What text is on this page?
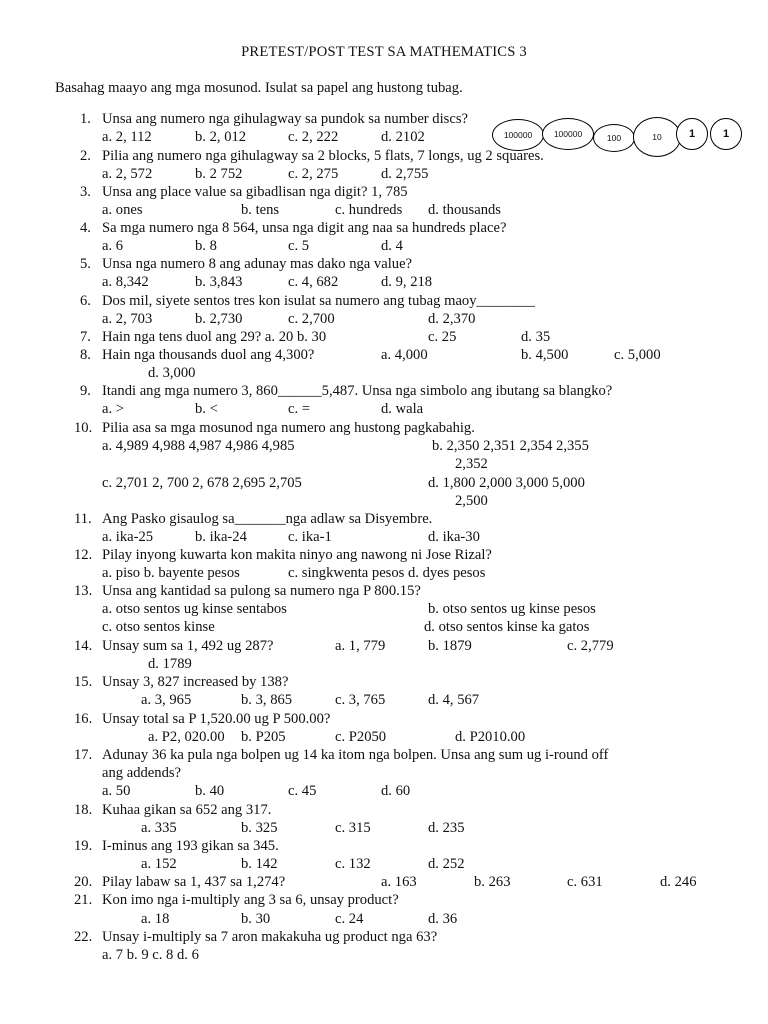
PRETEST/POST TEST SA MATHEMATICS 3
Basahag maayo ang mga mosunod. Isulat sa papel ang hustong tubag.
100000	100000	100	10	1	1
1. Unsa ang numero nga gihulagway sa pundok sa number discs?
a. 2, 112	b. 2, 012	c. 2, 222	d. 2102
2. Pilia ang numero nga gihulagway sa 2 blocks, 5 flats, 7 longs, ug 2 squares.
a. 2, 572	b. 2 752	c. 2, 275	d. 2,755
3. Unsa ang place value sa gibadlisan nga digit? 1, 785
a. ones	b. tens	c. hundreds d. thousands
4. Sa mga numero nga 8 564, unsa nga digit ang naa sa hundreds place?
a. 6	b. 8	c. 5	d. 4
5. Unsa nga numero 8 ang adunay mas dako nga value?
a. 8,342	b. 3,843	c. 4, 682	d. 9, 218
6. Dos mil, siyete sentos tres kon isulat sa numero ang tubag maoy________
a. 2, 703	b. 2,730	c. 2,700	d. 2,370
7. Hain nga tens duol ang 29? a. 20 b. 30	c. 25	d. 35
8. Hain nga thousands duol ang 4,300?	a. 4,000	b. 4,500	c. 5,000
d. 3,000
9. Itandi ang mga numero 3, 860______5,487. Unsa nga simbolo ang ibutang sa blangko?
a. >	b. <	c. =	d. wala
10. Pilia asa sa mga mosunod nga numero ang hustong pagkabahig.
a. 4,989 4,988 4,987 4,986 4,985	b. 2,350 2,351 2,354 2,355
2,352
c. 2,701 2, 700 2, 678 2,695 2,705	d. 1,800 2,000 3,000 5,000
2,500
11. Ang Pasko gisaulog sa_______nga adlaw sa Disyembre.
a. ika-25	b. ika-24	c. ika-1	d. ika-30
12. Pilay inyong kuwarta kon makita ninyo ang nawong ni Jose Rizal?
a. piso b. bayente pesos	c. singkwenta pesos d. dyes pesos
13. Unsa ang kantidad sa pulong sa numero nga P 800.15?
a. otso sentos ug kinse sentabos	b. otso sentos ug kinse pesos
c. otso sentos kinse	d. otso sentos kinse ka gatos
14. Unsay sum sa 1, 492 ug 287?	a. 1, 779	b. 1879	c. 2,779
d. 1789
15. Unsay 3, 827 increased by 138?
a. 3, 965	b. 3, 865	c. 3, 765	d. 4, 567
16. Unsay total sa P 1,520.00 ug P 500.00?
a. P2, 020.00 b. P205	c. P2050	d. P2010.00
17. Adunay 36 ka pula nga bolpen ug 14 ka itom nga bolpen. Unsa ang sum ug i-round off
ang addends?
a. 50	b. 40	c. 45	d. 60
18. Kuhaa gikan sa 652 ang 317.
a. 335	b. 325	c. 315	d. 235
19. I-minus ang 193 gikan sa 345.
a. 152	b. 142	c. 132	d. 252
20. Pilay labaw sa 1, 437 sa 1,274?	a. 163	b. 263	c. 631	d. 246
21. Kon imo nga i-multiply ang 3 sa 6, unsay product?
a. 18	b. 30	c. 24	d. 36
22. Unsay i-multiply sa 7 aron makakuha ug product nga 63?
a. 7 b. 9 c. 8 d. 6
